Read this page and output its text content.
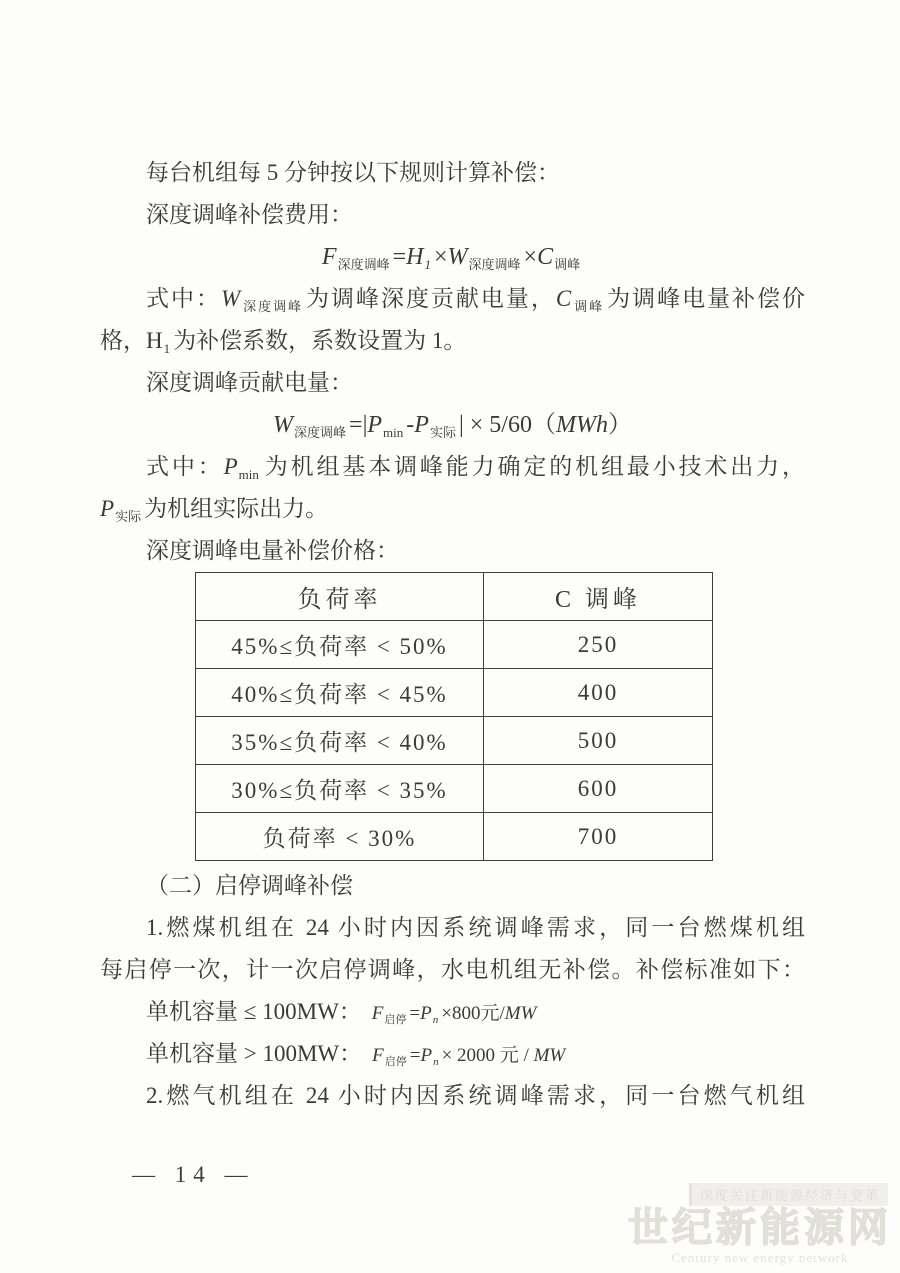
每台机组每 5 分钟按以下规则计算补偿：
深度调峰补偿费用：
$F_{深度调峰} =H_1 \times W_{深度调峰} \times C_{调峰}$
式中：$W_{深度调峰}$ 为调峰深度贡献电量，$C_{调峰}$ 为调峰电量补偿价
格，$H_1$ 为补偿系数，系数设置为 1。
深度调峰贡献电量：
$W_{深度调峰} =|P_{min}$ $-P_{实际}$ | × 5/60（MWh）
式中：$P_{min}$ 为机组基本调峰能力确定的机组最小技术出力，
$P_{实际}$ 为机组实际出力。
深度调峰电量补偿价格：
负荷率	C 调峰
45%≤负荷率 < 50%	250
40%≤负荷率 < 45%	400
35%≤负荷率 < 40%	500
30%≤负荷率 < 35%	600
负荷率 < 30%	700
（二）启停调峰补偿
1.燃煤机组在 24 小时内因系统调峰需求，同一台燃煤机组
每启停一次，计一次启停调峰，水电机组无补偿。补偿标准如下：
单机容量 ≤ 100MW： $F_{启停} =P_n \times 800$元/MW
单机容量 > 100MW： $F_{启停} =P_n \times 2000$ 元 / MW
2.燃气机组在 24 小时内因系统调峰需求，同一台燃气机组
— 14 —
深度关注新能源经济与变革
世纪新能源网
Century new energy network
